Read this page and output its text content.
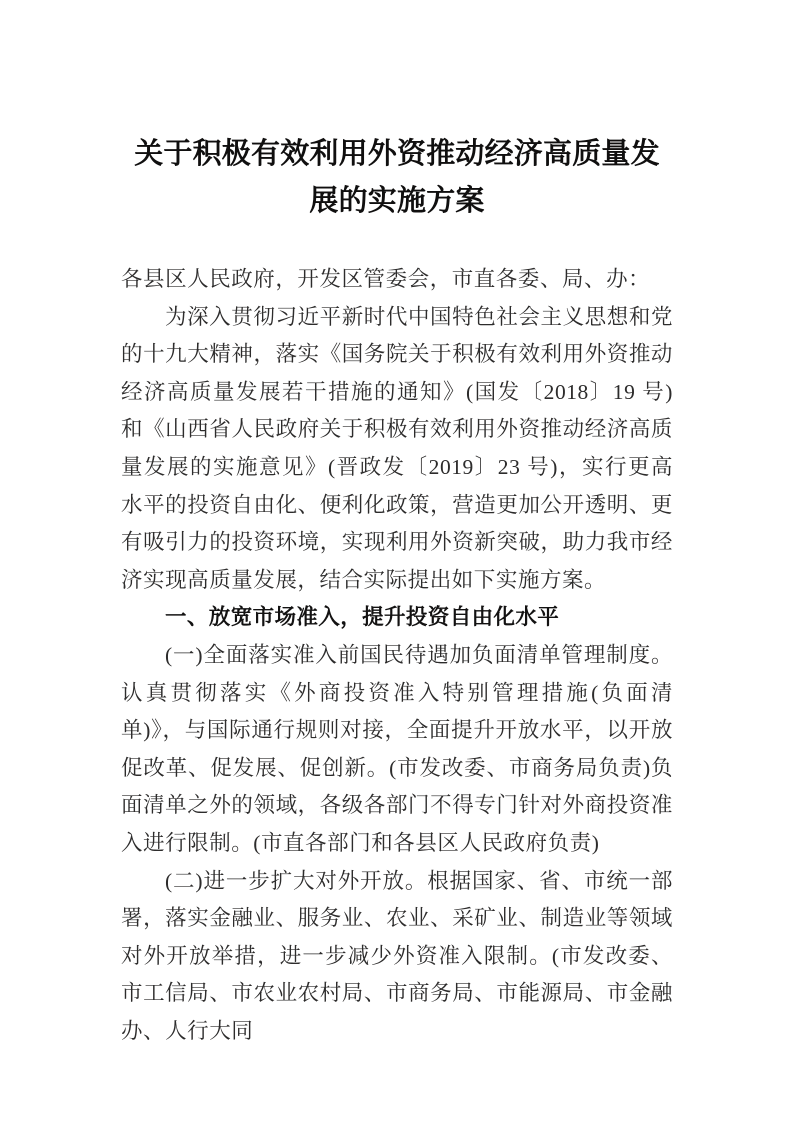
关于积极有效利用外资推动经济高质量发
展的实施方案

各县区人民政府，开发区管委会，市直各委、局、办：

为深入贯彻习近平新时代中国特色社会主义思想和党的十九大精神，落实《国务院关于积极有效利用外资推动经济高质量发展若干措施的通知》(国发〔2018〕19 号)和《山西省人民政府关于积极有效利用外资推动经济高质量发展的实施意见》(晋政发〔2019〕23 号)，实行更高水平的投资自由化、便利化政策，营造更加公开透明、更有吸引力的投资环境，实现利用外资新突破，助力我市经济实现高质量发展，结合实际提出如下实施方案。

一、放宽市场准入，提升投资自由化水平

(一)全面落实准入前国民待遇加负面清单管理制度。认真贯彻落实《外商投资准入特别管理措施(负面清单)》，与国际通行规则对接，全面提升开放水平，以开放促改革、促发展、促创新。(市发改委、市商务局负责)负面清单之外的领域，各级各部门不得专门针对外商投资准入进行限制。(市直各部门和各县区人民政府负责)

(二)进一步扩大对外开放。根据国家、省、市统一部署，落实金融业、服务业、农业、采矿业、制造业等领域对外开放举措，进一步减少外资准入限制。(市发改委、市工信局、市农业农村局、市商务局、市能源局、市金融办、人行大同
